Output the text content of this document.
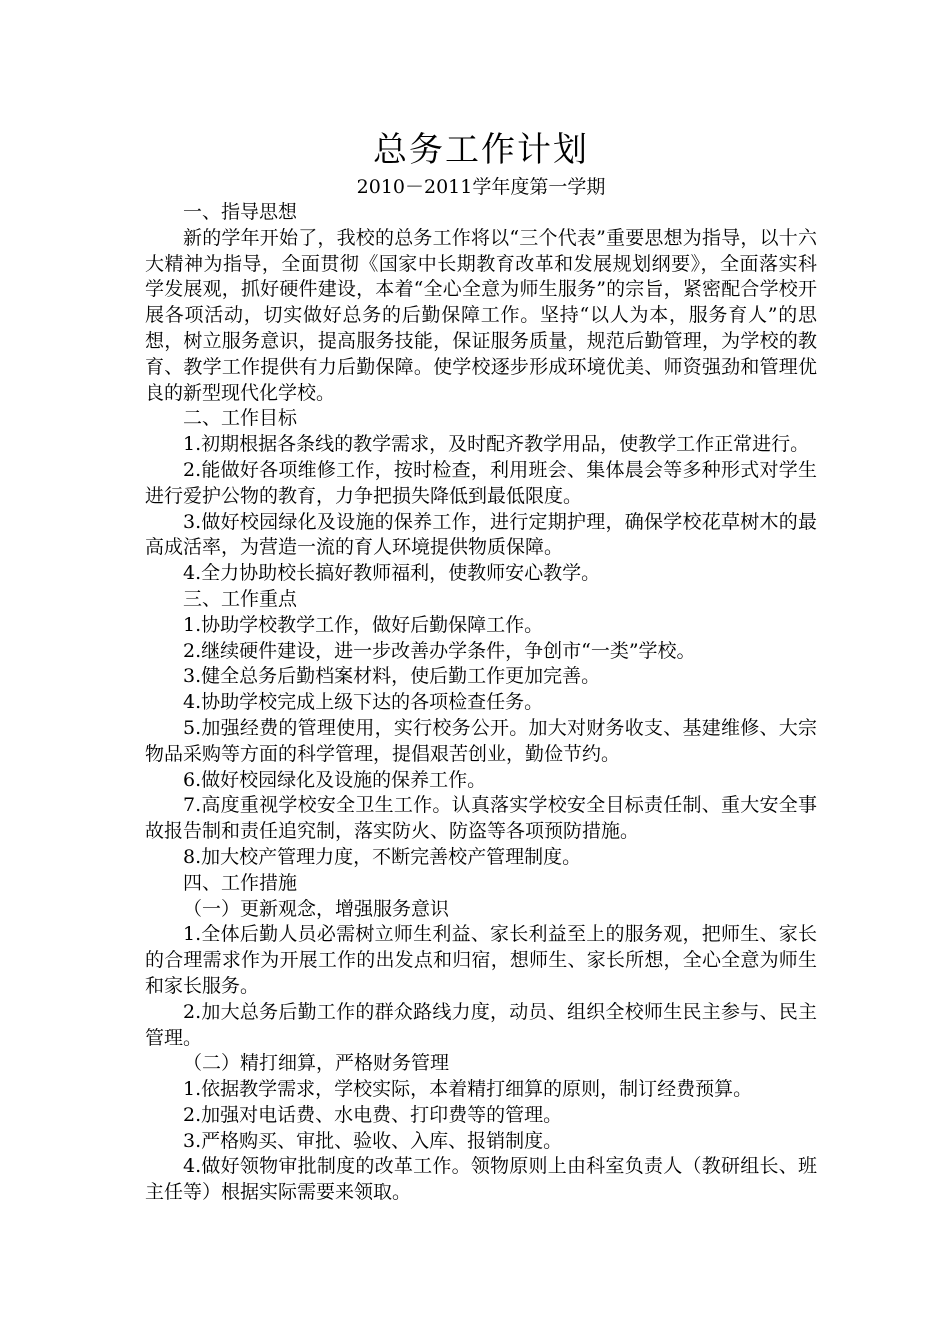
总务工作计划
2010－2011学年度第一学期

一、指导思想

新的学年开始了，我校的总务工作将以“三个代表”重要思想为指导，以十六大精神为指导，全面贯彻《国家中长期教育改革和发展规划纲要》，全面落实科学发展观，抓好硬件建设，本着“全心全意为师生服务”的宗旨，紧密配合学校开展各项活动，切实做好总务的后勤保障工作。坚持“以人为本，服务育人”的思想，树立服务意识，提高服务技能，保证服务质量，规范后勤管理，为学校的教育、教学工作提供有力后勤保障。使学校逐步形成环境优美、师资强劲和管理优良的新型现代化学校。

二、工作目标

1.初期根据各条线的教学需求，及时配齐教学用品，使教学工作正常进行。

2.能做好各项维修工作，按时检查，利用班会、集体晨会等多种形式对学生进行爱护公物的教育，力争把损失降低到最低限度。

3.做好校园绿化及设施的保养工作，进行定期护理，确保学校花草树木的最高成活率，为营造一流的育人环境提供物质保障。

4.全力协助校长搞好教师福利，使教师安心教学。

三、工作重点

1.协助学校教学工作，做好后勤保障工作。

2.继续硬件建设，进一步改善办学条件，争创市“一类”学校。

3.健全总务后勤档案材料，使后勤工作更加完善。

4.协助学校完成上级下达的各项检查任务。

5.加强经费的管理使用，实行校务公开。加大对财务收支、基建维修、大宗物品采购等方面的科学管理，提倡艰苦创业，勤俭节约。

6.做好校园绿化及设施的保养工作。

7.高度重视学校安全卫生工作。认真落实学校安全目标责任制、重大安全事故报告制和责任追究制，落实防火、防盗等各项预防措施。

8.加大校产管理力度，不断完善校产管理制度。

四、工作措施

（一）更新观念，增强服务意识

1.全体后勤人员必需树立师生利益、家长利益至上的服务观，把师生、家长的合理需求作为开展工作的出发点和归宿，想师生、家长所想，全心全意为师生和家长服务。

2.加大总务后勤工作的群众路线力度，动员、组织全校师生民主参与、民主管理。

（二）精打细算，严格财务管理

1.依据教学需求，学校实际，本着精打细算的原则，制订经费预算。

2.加强对电话费、水电费、打印费等的管理。

3.严格购买、审批、验收、入库、报销制度。

4.做好领物审批制度的改革工作。领物原则上由科室负责人（教研组长、班主任等）根据实际需要来领取。
